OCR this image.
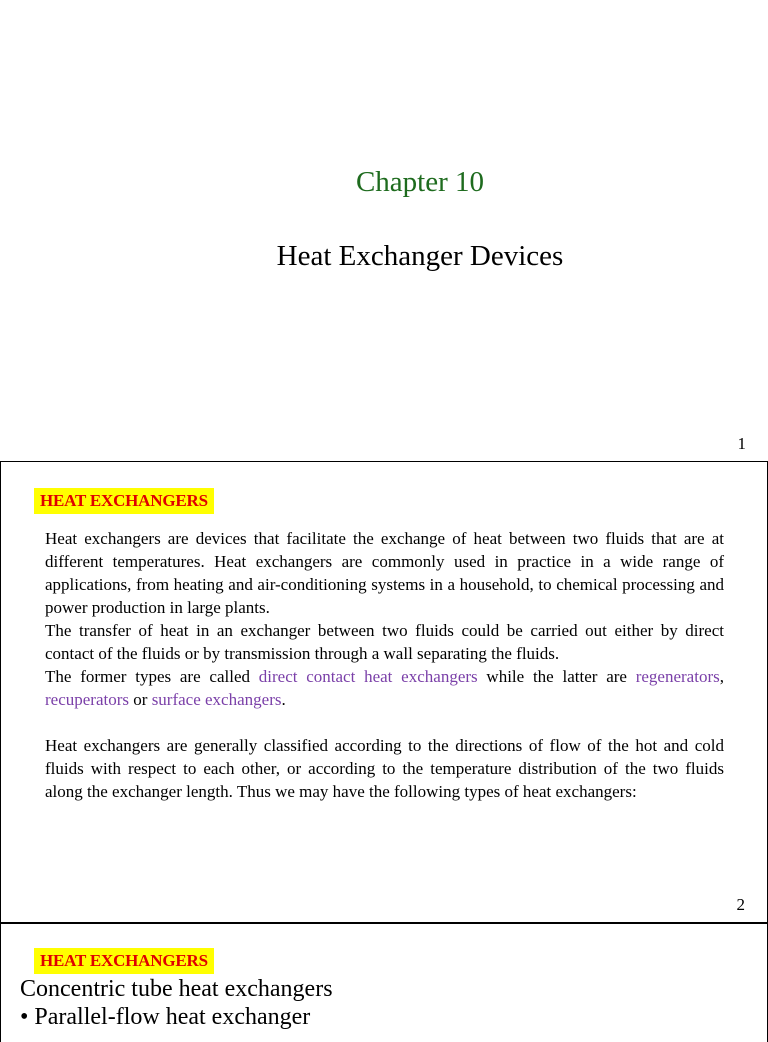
Chapter 10
Heat Exchanger Devices
1
HEAT EXCHANGERS

Heat exchangers are devices that facilitate the exchange of heat between two fluids that are at different temperatures. Heat exchangers are commonly used in practice in a wide range of applications, from heating and air-conditioning systems in a household, to chemical processing and power production in large plants.

The transfer of heat in an exchanger between two fluids could be carried out either by direct contact of the fluids or by transmission through a wall separating the fluids.

The former types are called direct contact heat exchangers while the latter are regenerators, recuperators or surface exchangers.

Heat exchangers are generally classified according to the directions of flow of the hot and cold fluids with respect to each other, or according to the temperature distribution of the two fluids along the exchanger length. Thus we may have the following types of heat exchangers:

2
HEAT EXCHANGERS
Concentric tube heat exchangers
• Parallel-flow heat exchanger
